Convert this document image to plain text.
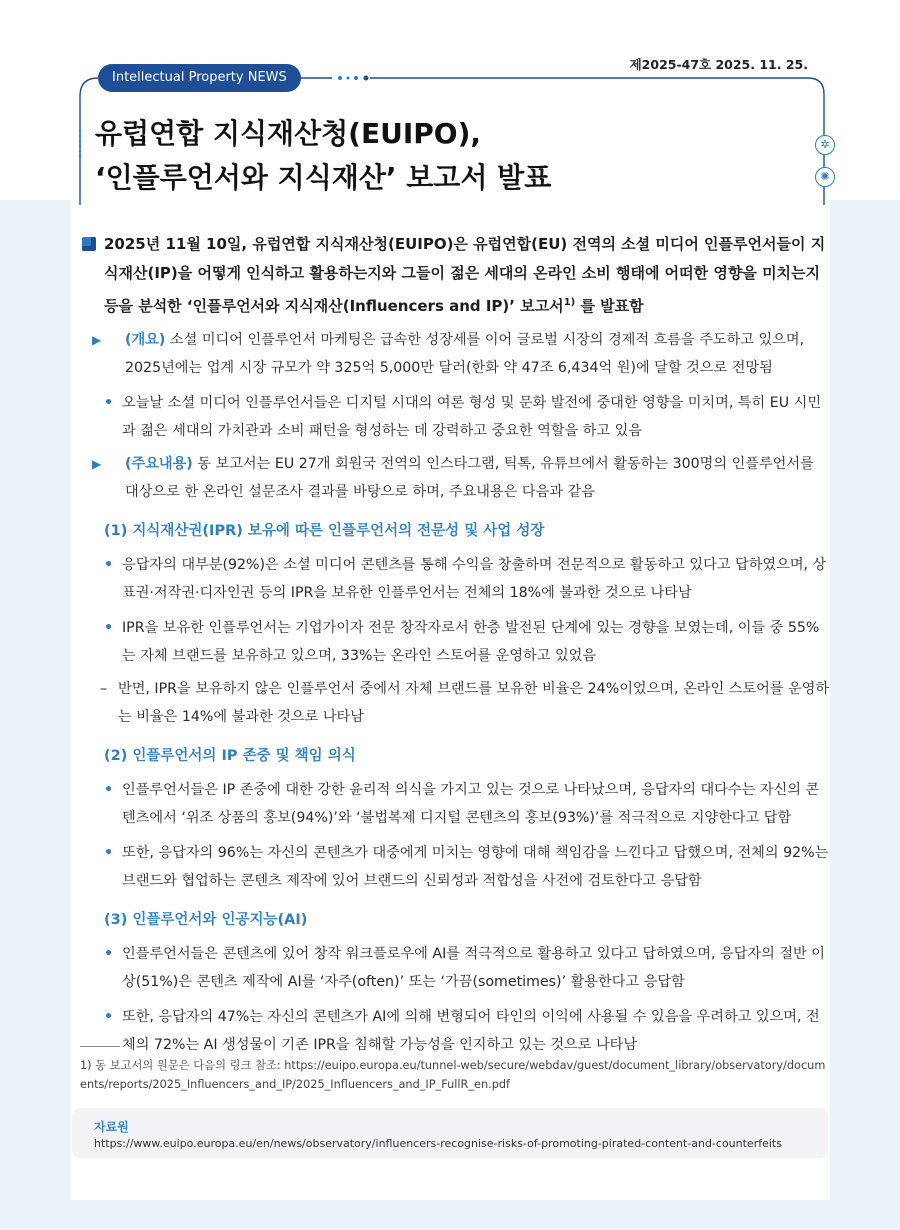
Intellectual Property NEWS
제2025-47호 2025. 11. 25.
유럽연합 지식재산청(EUIPO),
‘인플루언서와 지식재산’ 보고서 발표
✲
✺

2025년 11월 10일, 유럽연합 지식재산청(EUIPO)은 유럽연합(EU) 전역의 소셜 미디어 인플루언서들이 지식재산(IP)을 어떻게 인식하고 활용하는지와 그들이 젊은 세대의 온라인 소비 행태에 어떠한 영향을 미치는지 등을 분석한 ‘인플루언서와 지식재산(Influencers and IP)’ 보고서$^{1)}$ 를 발표함

▶ (개요) 소셜 미디어 인플루언서 마케팅은 급속한 성장세를 이어 글로벌 시장의 경제적 흐름을 주도하고 있으며, 2025년에는 업계 시장 규모가 약 325억 5,000만 달러(한화 약 47조 6,434억 원)에 달할 것으로 전망됨
• 오늘날 소셜 미디어 인플루언서들은 디지털 시대의 여론 형성 및 문화 발전에 중대한 영향을 미치며, 특히 EU 시민과 젊은 세대의 가치관과 소비 패턴을 형성하는 데 강력하고 중요한 역할을 하고 있음
▶ (주요내용) 동 보고서는 EU 27개 회원국 전역의 인스타그램, 틱톡, 유튜브에서 활동하는 300명의 인플루언서를 대상으로 한 온라인 설문조사 결과를 바탕으로 하며, 주요내용은 다음과 같음
(1) 지식재산권(IPR) 보유에 따른 인플루언서의 전문성 및 사업 성장
• 응답자의 대부분(92%)은 소셜 미디어 콘텐츠를 통해 수익을 창출하며 전문적으로 활동하고 있다고 답하였으며, 상표권·저작권·디자인권 등의 IPR을 보유한 인플루언서는 전체의 18%에 불과한 것으로 나타남
• IPR을 보유한 인플루언서는 기업가이자 전문 창작자로서 한층 발전된 단계에 있는 경향을 보였는데, 이들 중 55%는 자체 브랜드를 보유하고 있으며, 33%는 온라인 스토어를 운영하고 있었음
– 반면, IPR을 보유하지 않은 인플루언서 중에서 자체 브랜드를 보유한 비율은 24%이었으며, 온라인 스토어를 운영하는 비율은 14%에 불과한 것으로 나타남
(2) 인플루언서의 IP 존중 및 책임 의식
• 인플루언서들은 IP 존중에 대한 강한 윤리적 의식을 가지고 있는 것으로 나타났으며, 응답자의 대다수는 자신의 콘텐츠에서 ‘위조 상품의 홍보(94%)’와 ‘불법복제 디지털 콘텐츠의 홍보(93%)’를 적극적으로 지양한다고 답함
• 또한, 응답자의 96%는 자신의 콘텐츠가 대중에게 미치는 영향에 대해 책임감을 느낀다고 답했으며, 전체의 92%는 브랜드와 협업하는 콘텐츠 제작에 있어 브랜드의 신뢰성과 적합성을 사전에 검토한다고 응답함
(3) 인플루언서와 인공지능(AI)
• 인플루언서들은 콘텐츠에 있어 창작 워크플로우에 AI를 적극적으로 활용하고 있다고 답하였으며, 응답자의 절반 이상(51%)은 콘텐츠 제작에 AI를 ‘자주(often)’ 또는 ‘가끔(sometimes)’ 활용한다고 응답함
• 또한, 응답자의 47%는 자신의 콘텐츠가 AI에 의해 변형되어 타인의 이익에 사용될 수 있음을 우려하고 있으며, 전체의 72%는 AI 생성물이 기존 IPR을 침해할 가능성을 인지하고 있는 것으로 나타남
1) 동 보고서의 원문은 다음의 링크 참조: https://euipo.europa.eu/tunnel-web/secure/webdav/guest/document_library/observatory/documents/reports/2025_Influencers_and_IP/2025_Influencers_and_IP_FullR_en.pdf
자료원
https://www.euipo.europa.eu/en/news/observatory/influencers-recognise-risks-of-promoting-pirated-content-and-counterfeits
